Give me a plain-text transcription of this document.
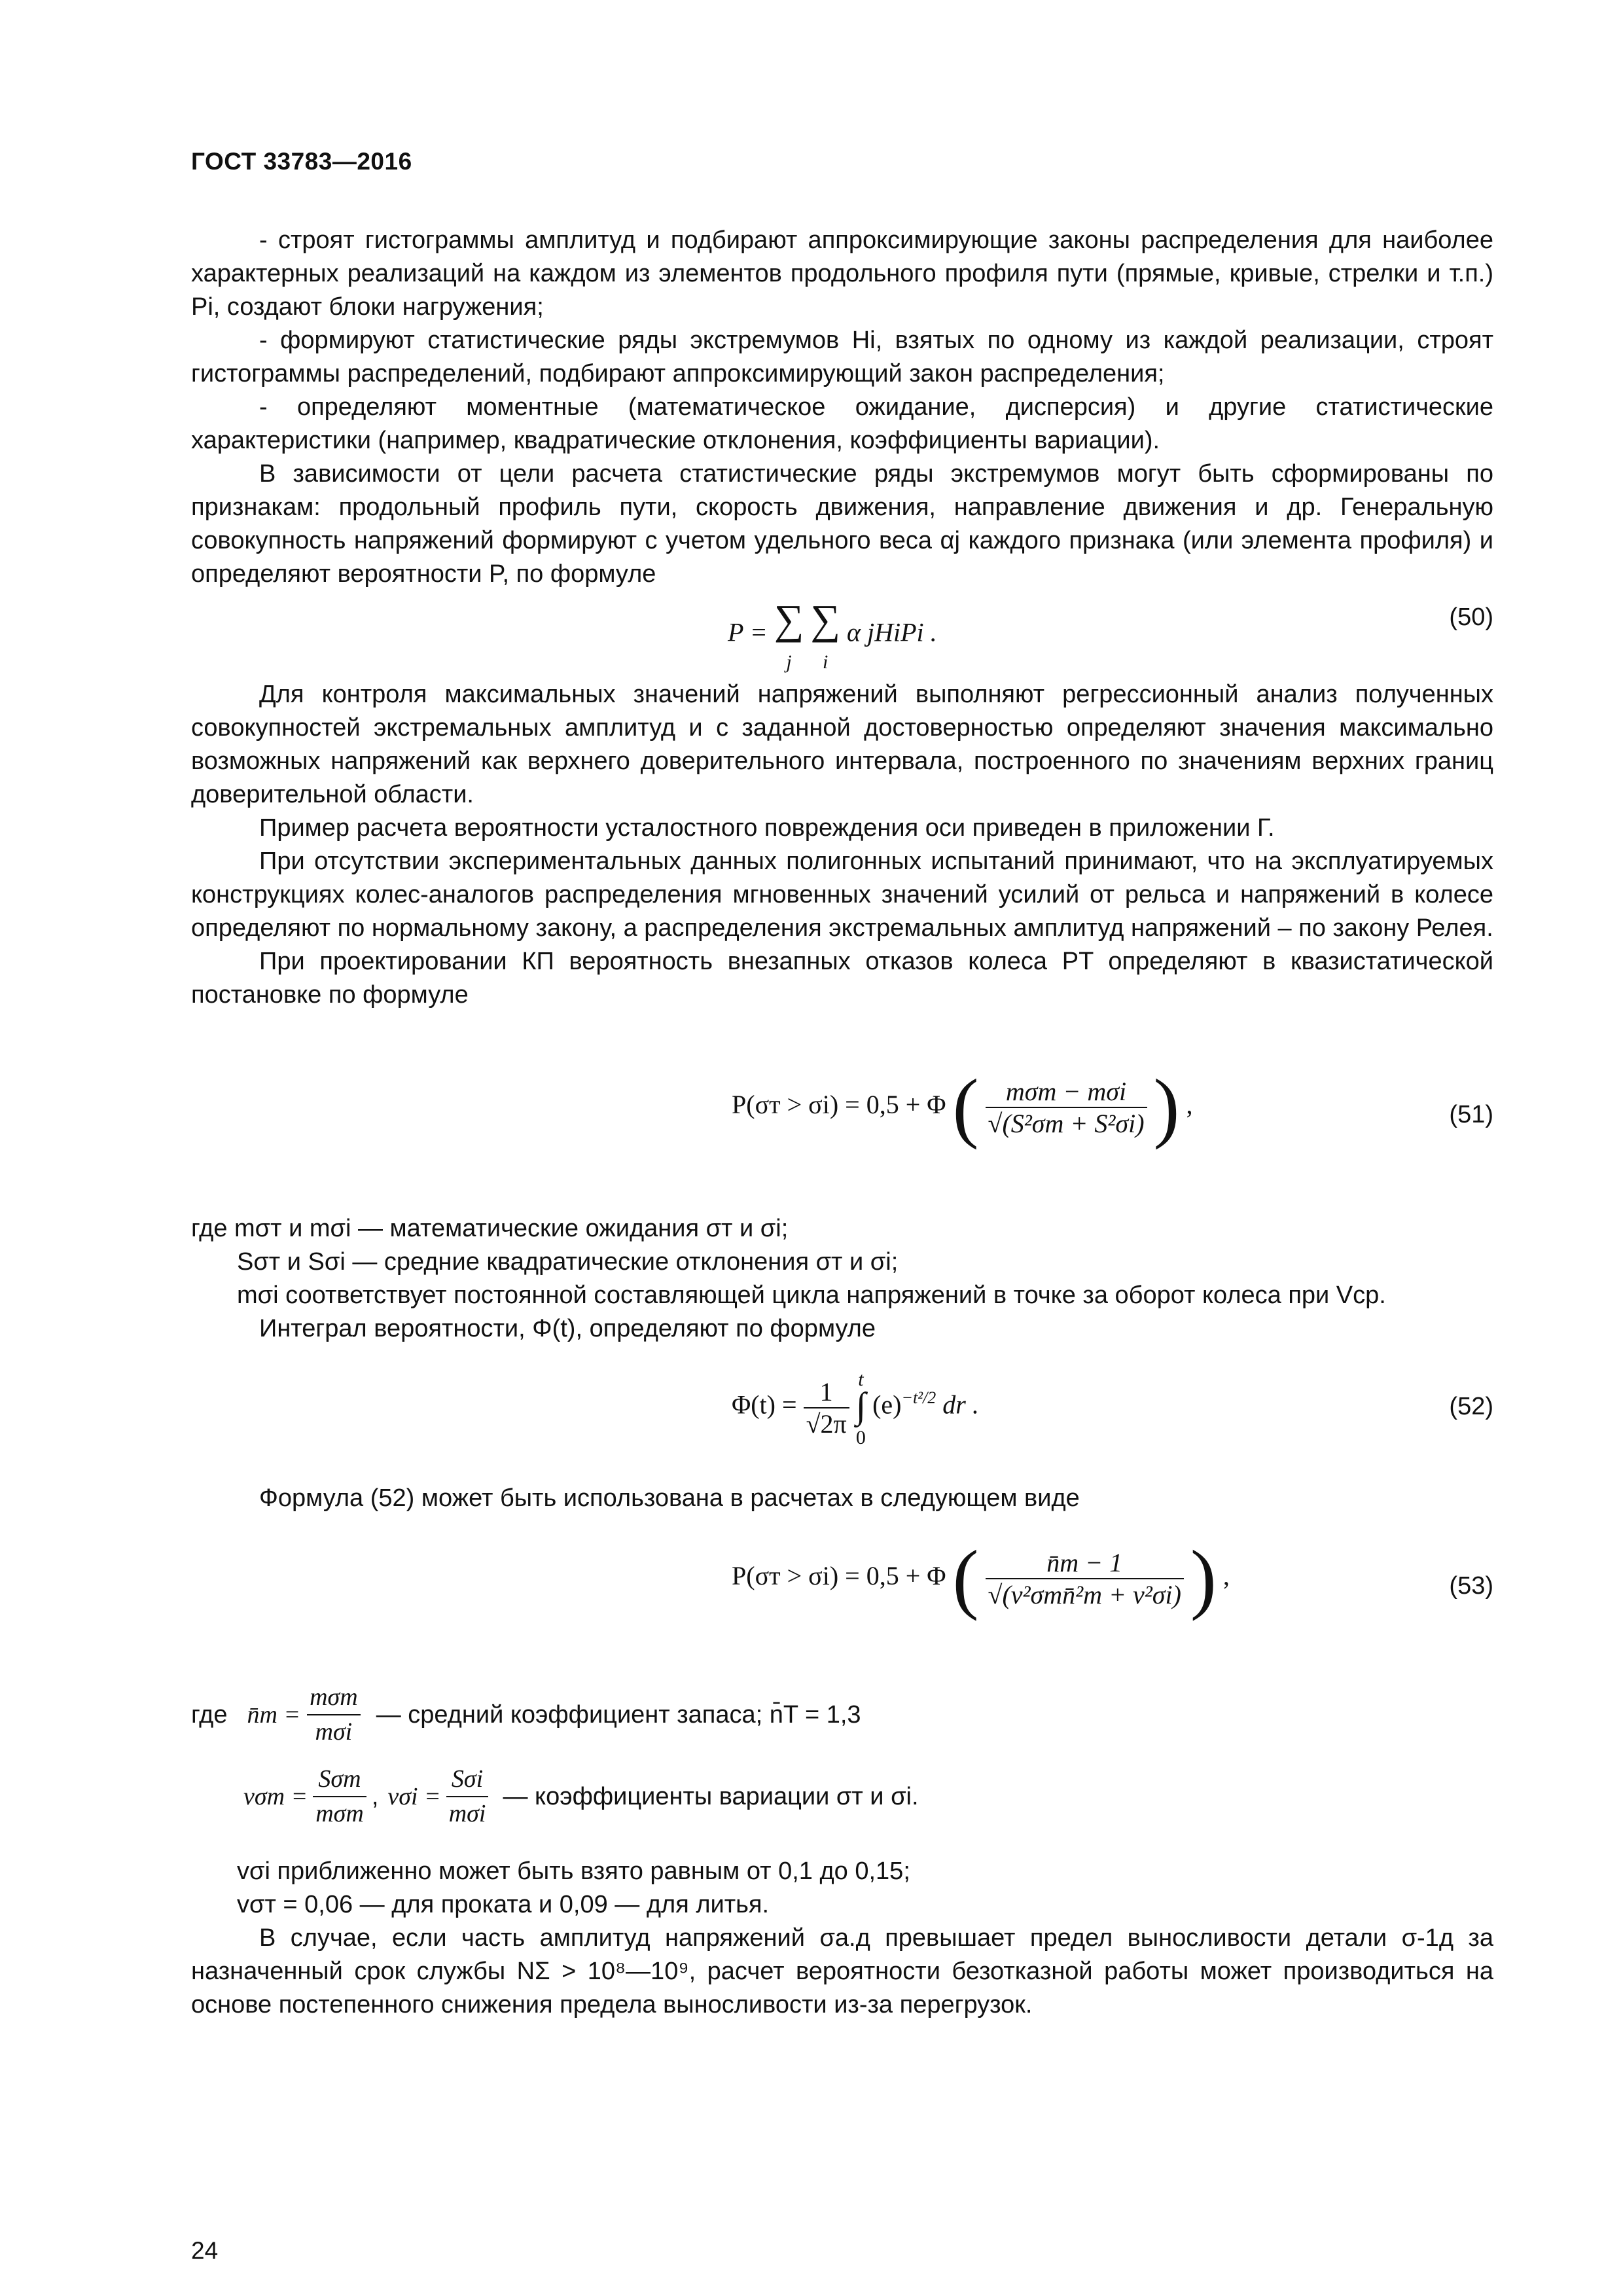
ГОСТ 33783—2016

- строят гистограммы амплитуд и подбирают аппроксимирующие законы распределения для наиболее характерных реализаций на каждом из элементов продольного профиля пути (прямые, кривые, стрелки и т.п.) Pi, создают блоки нагружения;

- формируют статистические ряды экстремумов Hi, взятых по одному из каждой реализации, строят гистограммы распределений, подбирают аппроксимирующий закон распределения;

- определяют моментные (математическое ожидание, дисперсия) и другие статистические характеристики (например, квадратические отклонения, коэффициенты вариации).

В зависимости от цели расчета статистические ряды экстремумов могут быть сформированы по признакам: продольный профиль пути, скорость движения, направление движения и др. Генеральную совокупность напряжений формируют с учетом удельного веса αj каждого признака (или элемента профиля) и определяют вероятности P, по формуле

P = ∑
j ∑
i α jHiPi .
(50)

Для контроля максимальных значений напряжений выполняют регрессионный анализ полученных совокупностей экстремальных амплитуд и с заданной достоверностью определяют значения максимально возможных напряжений как верхнего доверительного интервала, построенного по значениям верхних границ доверительной области.

Пример расчета вероятности усталостного повреждения оси приведен в приложении Г.

При отсутствии экспериментальных данных полигонных испытаний принимают, что на эксплуатируемых конструкциях колес-аналогов распределения мгновенных значений усилий от рельса и напряжений в колесе определяют по нормальному закону, а распределения экстремальных амплитуд напряжений – по закону Релея.

При проектировании КП вероятность внезапных отказов колеса PT определяют в квазистатической постановке по формуле

P(σт > σi) = 0,5 + Φ ( $\frac{\text{mσт − mσi}}{\text{√(S²σт + S²σi)}}$ ) ,	(51)
где mσт и mσi — математические ожидания σт и σi;
Sσт и Sσi — средние квадратические отклонения σт и σi;
mσi соответствует постоянной составляющей цикла напряжений в точке за оборот колеса при Vср.
Интеграл вероятности, Φ(t), определяют по формуле
$\Phi(t) = \frac{1}{√2\pi}$ t
∫
0 $(e)^{-t^2/2}$ dr .	(52)

Формула (52) может быть использована в расчетах в следующем виде

P(σт > σi) = 0,5 + Φ ( $\frac{n̄т - 1}{\text{√(v²σтn̄²т + v²σi)}}$ ) ,	(53)
где n̄т = $\frac{\text{mσт}}{\text{mσi}}$ — средний коэффициент запаса; n̄T = 1,3
$v\sigma т = \frac{\text{Sσт}}{\text{mσт}}$ , $v\sigma i = \frac{\text{Sσi}}{\text{mσi}}$ — коэффициенты вариации σт и σi.

vσi приближенно может быть взято равным от 0,1 до 0,15;

vσт = 0,06 — для проката и 0,09 — для литья.

В случае, если часть амплитуд напряжений σа.д превышает предел выносливости детали σ-1д за назначенный срок службы NΣ > 10⁸—10⁹, расчет вероятности безотказной работы может производиться на основе постепенного снижения предела выносливости из-за перегрузок.

24
